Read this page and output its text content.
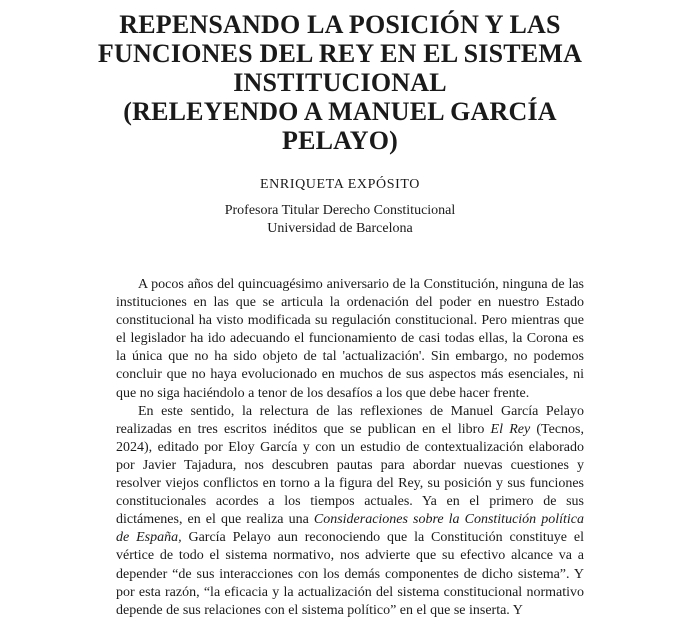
REPENSANDO LA POSICIÓN Y LAS
FUNCIONES DEL REY EN EL SISTEMA
INSTITUCIONAL
(RELEYENDO A MANUEL GARCÍA
PELAYO)

ENRIQUETA EXPÓSITO

Profesora Titular Derecho Constitucional
Universidad de Barcelona

A pocos años del quincuagésimo aniversario de la Constitución, ninguna de las instituciones en las que se articula la ordenación del poder en nuestro Estado constitucional ha visto modificada su regulación constitucional. Pero mientras que el legislador ha ido adecuando el funcionamiento de casi todas ellas, la Corona es la única que no ha sido objeto de tal 'actualización'. Sin embargo, no podemos concluir que no haya evolucionado en muchos de sus aspectos más esenciales, ni que no siga haciéndolo a tenor de los desafíos a los que debe hacer frente.

En este sentido, la relectura de las reflexiones de Manuel García Pelayo realizadas en tres escritos inéditos que se publican en el libro El Rey (Tecnos, 2024), editado por Eloy García y con un estudio de contextualización elaborado por Javier Tajadura, nos descubren pautas para abordar nuevas cuestiones y resolver viejos conflictos en torno a la figura del Rey, su posición y sus funciones constitucionales acordes a los tiempos actuales. Ya en el primero de sus dictámenes, en el que realiza una Consideraciones sobre la Constitución política de España, García Pelayo aun reconociendo que la Constitución constituye el vértice de todo el sistema normativo, nos advierte que su efectivo alcance va a depender “de sus interacciones con los demás componentes de dicho sistema”. Y por esta razón, “la eficacia y la actualización del sistema constitucional normativo depende de sus relaciones con el sistema político” en el que se inserta. Y
